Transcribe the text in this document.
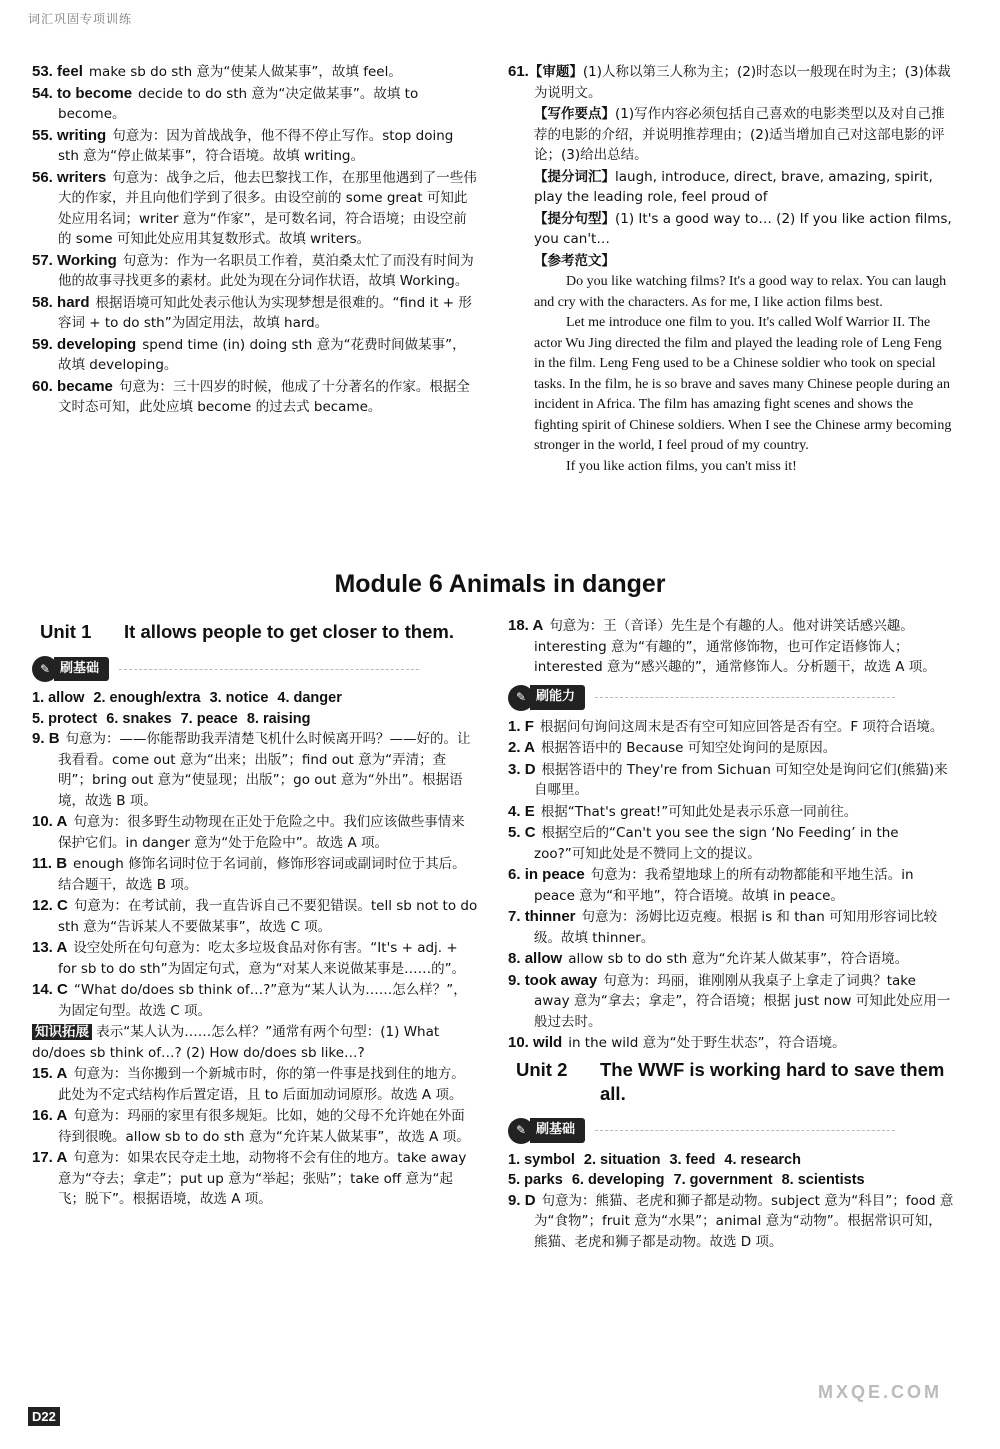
词汇巩固专项训练

53. feel make sb do sth 意为“使某人做某事”，故填 feel。

54. to become decide to do sth 意为“决定做某事”。故填 to become。

55. writing 句意为：因为首战战争，他不得不停止写作。stop doing sth 意为“停止做某事”，符合语境。故填 writing。

56. writers 句意为：战争之后，他去巴黎找工作，在那里他遇到了一些伟大的作家，并且向他们学到了很多。由设空前的 some great 可知此处应用名词；writer 意为“作家”，是可数名词，符合语境；由设空前的 some 可知此处应用其复数形式。故填 writers。

57. Working 句意为：作为一名职员工作着，莫泊桑太忙了而没有时间为他的故事寻找更多的素材。此处为现在分词作状语，故填 Working。

58. hard 根据语境可知此处表示他认为实现梦想是很难的。“find it + 形容词 + to do sth”为固定用法，故填 hard。

59. developing spend time (in) doing sth 意为“花费时间做某事”，故填 developing。

60. became 句意为：三十四岁的时候，他成了十分著名的作家。根据全文时态可知，此处应填 become 的过去式 became。

61.【审题】(1)人称以第三人称为主；(2)时态以一般现在时为主；(3)体裁为说明文。

【写作要点】(1)写作内容必须包括自己喜欢的电影类型以及对自己推荐的电影的介绍，并说明推荐理由；(2)适当增加自己对这部电影的评论；(3)给出总结。

【提分词汇】laugh, introduce, direct, brave, amazing, spirit, play the leading role, feel proud of

【提分句型】(1) It's a good way to… (2) If you like action films, you can't…

【参考范文】

Do you like watching films? It's a good way to relax. You can laugh and cry with the characters. As for me, I like action films best.

Let me introduce one film to you. It's called Wolf Warrior II. The actor Wu Jing directed the film and played the leading role of Leng Feng in the film. Leng Feng used to be a Chinese soldier who took on special tasks. In the film, he is so brave and saves many Chinese people during an incident in Africa. The film has amazing fight scenes and shows the fighting spirit of Chinese soldiers. When I see the Chinese army becoming stronger in the world, I feel proud of my country.

If you like action films, you can't miss it!

Module 6 Animals in danger
Unit 1	It allows people to get closer to them.
✎ 刷基础

1. allow 2. enough/extra 3. notice 4. danger

5. protect 6. snakes 7. peace 8. raising

9. B 句意为：——你能帮助我弄清楚飞机什么时候离开吗？——好的。让我看看。come out 意为“出来；出版”；find out 意为“弄清；查明”；bring out 意为“使显现；出版”；go out 意为“外出”。根据语境，故选 B 项。

10. A 句意为：很多野生动物现在正处于危险之中。我们应该做些事情来保护它们。in danger 意为“处于危险中”。故选 A 项。

11. B enough 修饰名词时位于名词前，修饰形容词或副词时位于其后。结合题干，故选 B 项。

12. C 句意为：在考试前，我一直告诉自己不要犯错误。tell sb not to do sth 意为“告诉某人不要做某事”，故选 C 项。

13. A 设空处所在句句意为：吃太多垃圾食品对你有害。“It's + adj. + for sb to do sth”为固定句式，意为“对某人来说做某事是……的”。

14. C “What do/does sb think of…?”意为“某人认为……怎么样？”，为固定句型。故选 C 项。

知识拓展 表示“某人认为……怎么样？”通常有两个句型：(1) What do/does sb think of…? (2) How do/does sb like…?

15. A 句意为：当你搬到一个新城市时，你的第一件事是找到住的地方。此处为不定式结构作后置定语，且 to 后面加动词原形。故选 A 项。

16. A 句意为：玛丽的家里有很多规矩。比如，她的父母不允许她在外面待到很晚。allow sb to do sth 意为“允许某人做某事”，故选 A 项。

17. A 句意为：如果农民夺走土地，动物将不会有住的地方。take away 意为“夺去；拿走”；put up 意为“举起；张贴”；take off 意为“起飞；脱下”。根据语境，故选 A 项。

18. A 句意为：王（音译）先生是个有趣的人。他对讲笑话感兴趣。interesting 意为“有趣的”，通常修饰物，也可作定语修饰人；interested 意为“感兴趣的”，通常修饰人。分析题干，故选 A 项。

✎ 刷能力

1. F 根据问句询问这周末是否有空可知应回答是否有空。F 项符合语境。

2. A 根据答语中的 Because 可知空处询问的是原因。

3. D 根据答语中的 They're from Sichuan 可知空处是询问它们(熊猫)来自哪里。

4. E 根据“That's great!”可知此处是表示乐意一同前往。

5. C 根据空后的“Can't you see the sign ‘No Feeding’ in the zoo?”可知此处是不赞同上文的提议。

6. in peace 句意为：我希望地球上的所有动物都能和平地生活。in peace 意为“和平地”，符合语境。故填 in peace。

7. thinner 句意为：汤姆比迈克瘦。根据 is 和 than 可知用形容词比较级。故填 thinner。

8. allow allow sb to do sth 意为“允许某人做某事”，符合语境。

9. took away 句意为：玛丽，谁刚刚从我桌子上拿走了词典？take away 意为“拿去；拿走”，符合语境；根据 just now 可知此处应用一般过去时。

10. wild in the wild 意为“处于野生状态”，符合语境。

Unit 2	The WWF is working hard to save them all.
✎ 刷基础

1. symbol 2. situation 3. feed 4. research

5. parks 6. developing 7. government 8. scientists

9. D 句意为：熊猫、老虎和狮子都是动物。subject 意为“科目”；food 意为“食物”；fruit 意为“水果”；animal 意为“动物”。根据常识可知，熊猫、老虎和狮子都是动物。故选 D 项。

D22
MXQE.COM
